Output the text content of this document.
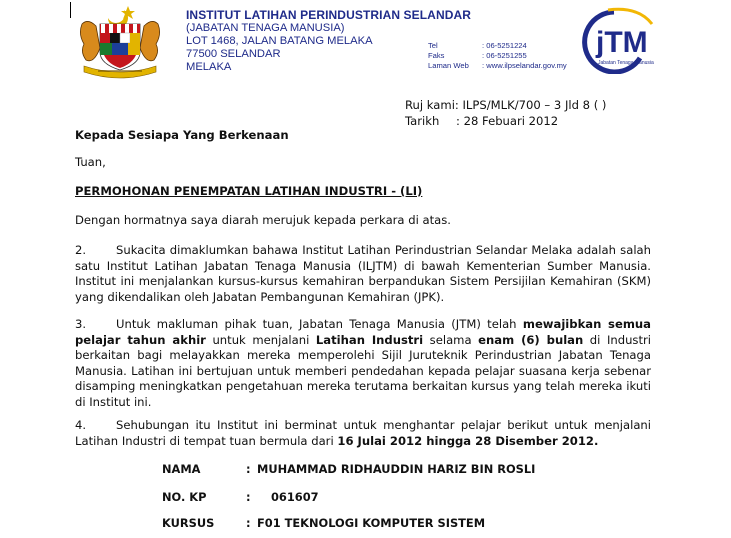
INSTITUT LATIHAN PERINDUSTRIAN SELANDAR
(JABATAN TENAGA MANUSIA)
LOT 1468, JALAN BATANG MELAKA
77500 SELANDAR
MELAKA
Tel	: 06-5251224
Faks	: 06-5251255
Laman Web : www.ilpselandar.gov.my
jTM
Jabatan Tenaga Manusia
Ruj kami: ILPS/MLK/700 – 3 Jld 8 ( )
Tarikh : 28 Febuari 2012
Kepada Sesiapa Yang Berkenaan
Tuan,
PERMOHONAN PENEMPATAN LATIHAN INDUSTRI - (LI)
Dengan hormatnya saya diarah merujuk kepada perkara di atas.
2.	Sukacita dimaklumkan bahawa Institut Latihan Perindustrian Selandar Melaka adalah salah satu Institut Latihan Jabatan Tenaga Manusia (ILJTM) di bawah Kementerian Sumber Manusia. Institut ini menjalankan kursus-kursus kemahiran berpandukan Sistem Persijilan Kemahiran (SKM) yang dikendalikan oleh Jabatan Pembangunan Kemahiran (JPK).
3.	Untuk makluman pihak tuan, Jabatan Tenaga Manusia (JTM) telah mewajibkan semua pelajar tahun akhir untuk menjalani Latihan Industri selama enam (6) bulan di Industri berkaitan bagi melayakkan mereka memperolehi Sijil Juruteknik Perindustrian Jabatan Tenaga Manusia. Latihan ini bertujuan untuk memberi pendedahan kepada pelajar suasana kerja sebenar disamping meningkatkan pengetahuan mereka terutama berkaitan kursus yang telah mereka ikuti di Institut ini.
4.	Sehubungan itu Institut ini berminat untuk menghantar pelajar berikut untuk menjalani Latihan Industri di tempat tuan bermula dari 16 Julai 2012 hingga 28 Disember 2012.
NAMA	: MUHAMMAD RIDHAUDDIN HARIZ BIN ROSLI
NO. KP	: 061607
KURSUS	: F01 TEKNOLOGI KOMPUTER SISTEM
